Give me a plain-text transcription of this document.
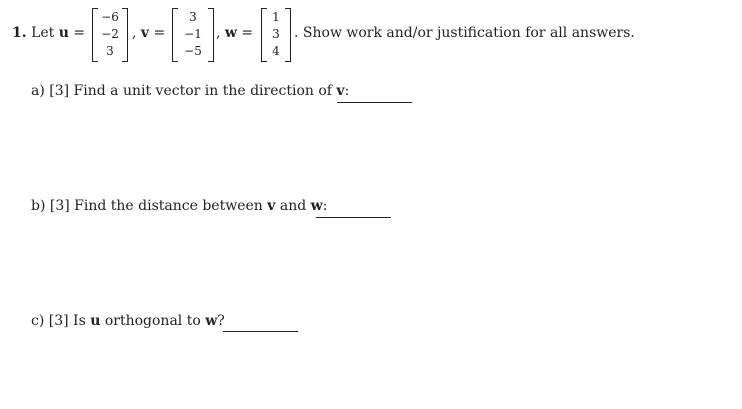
1. Let u =
−6
−2
3
, v =
3
−1
−5
, w =
1
3
4
. Show work and/or justification for all answers.
a) [3] Find a unit vector in the direction of v:
b) [3] Find the distance between v and w:
c) [3] Is u orthogonal to w?
